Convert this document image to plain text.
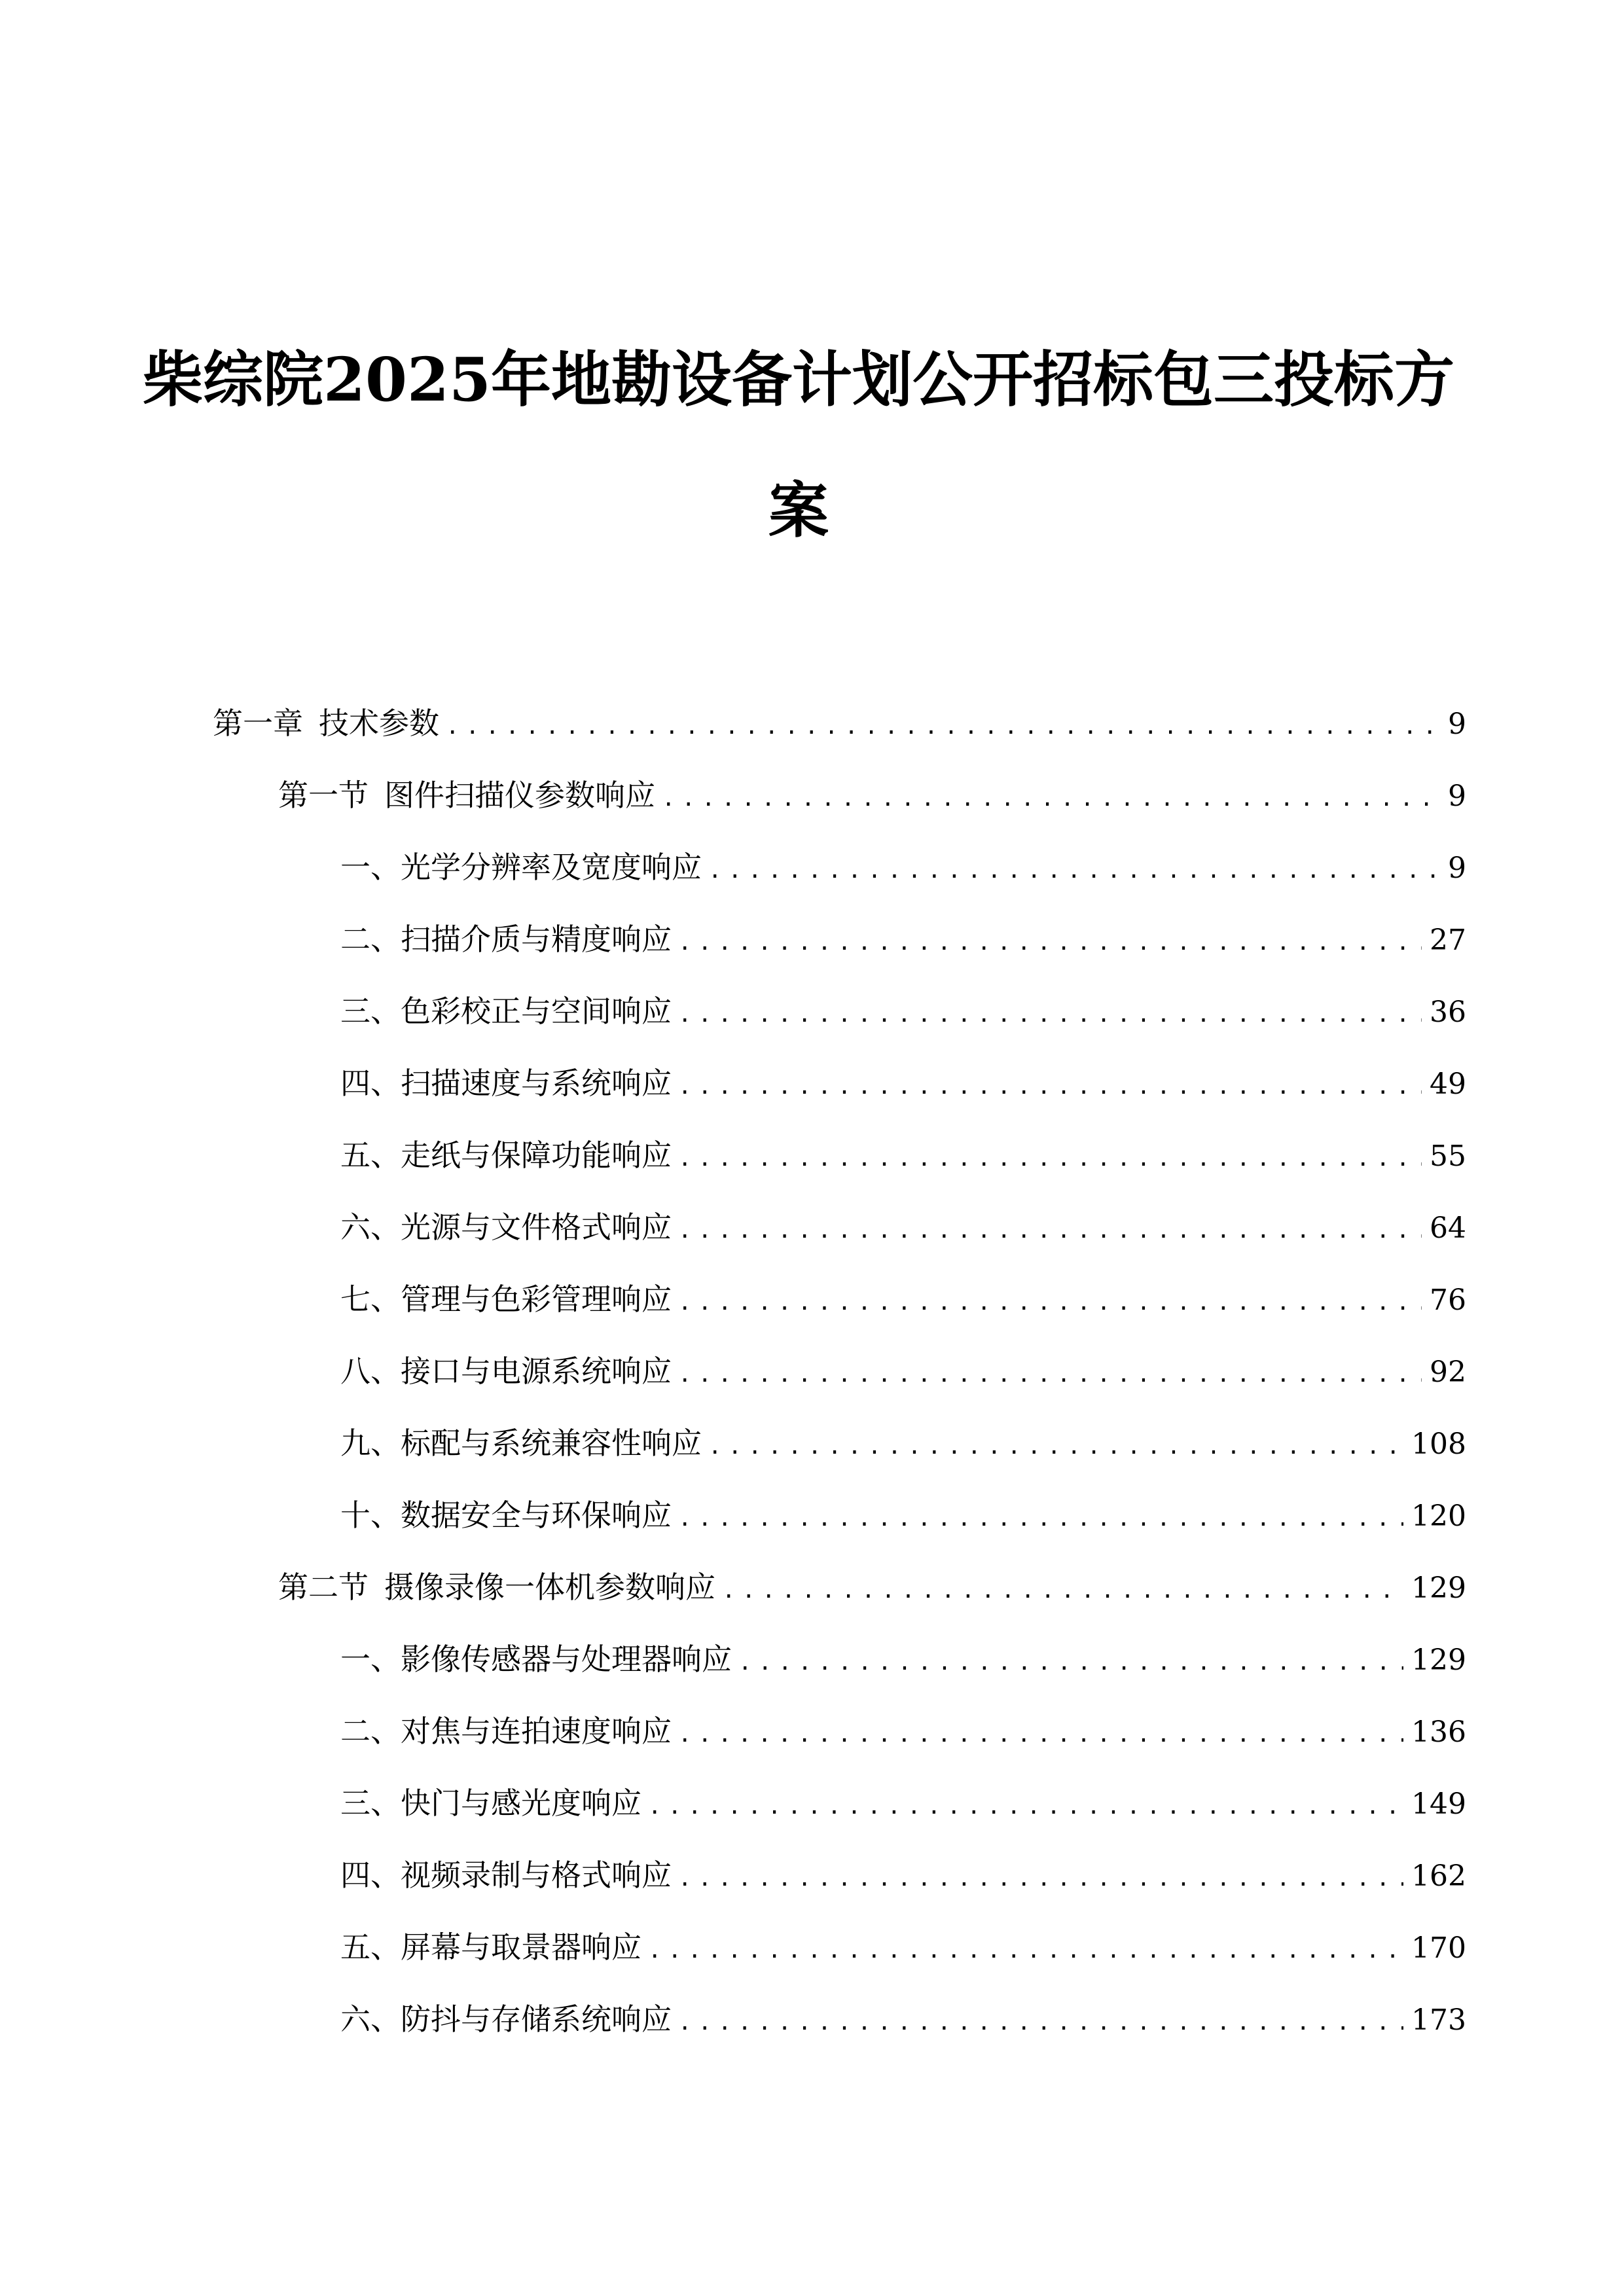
柴综院2025年地勘设备计划公开招标包三投标方案
第一章 技术参数 .....	9
第一节 图件扫描仪参数响应 .....	9
一、 光学分辨率及宽度响应 .....	9
二、 扫描介质与精度响应 .....	27
三、 色彩校正与空间响应 .....	36
四、 扫描速度与系统响应 .....	49
五、 走纸与保障功能响应 .....	55
六、 光源与文件格式响应 .....	64
七、 管理与色彩管理响应 .....	76
八、 接口与电源系统响应 .....	92
九、 标配与系统兼容性响应 .....	108
十、 数据安全与环保响应 .....	120
第二节 摄像录像一体机参数响应 .....	129
一、 影像传感器与处理器响应 .....	129
二、 对焦与连拍速度响应 .....	136
三、 快门与感光度响应 .....	149
四、 视频录制与格式响应 .....	162
五、 屏幕与取景器响应 .....	170
六、 防抖与存储系统响应 .....	173
